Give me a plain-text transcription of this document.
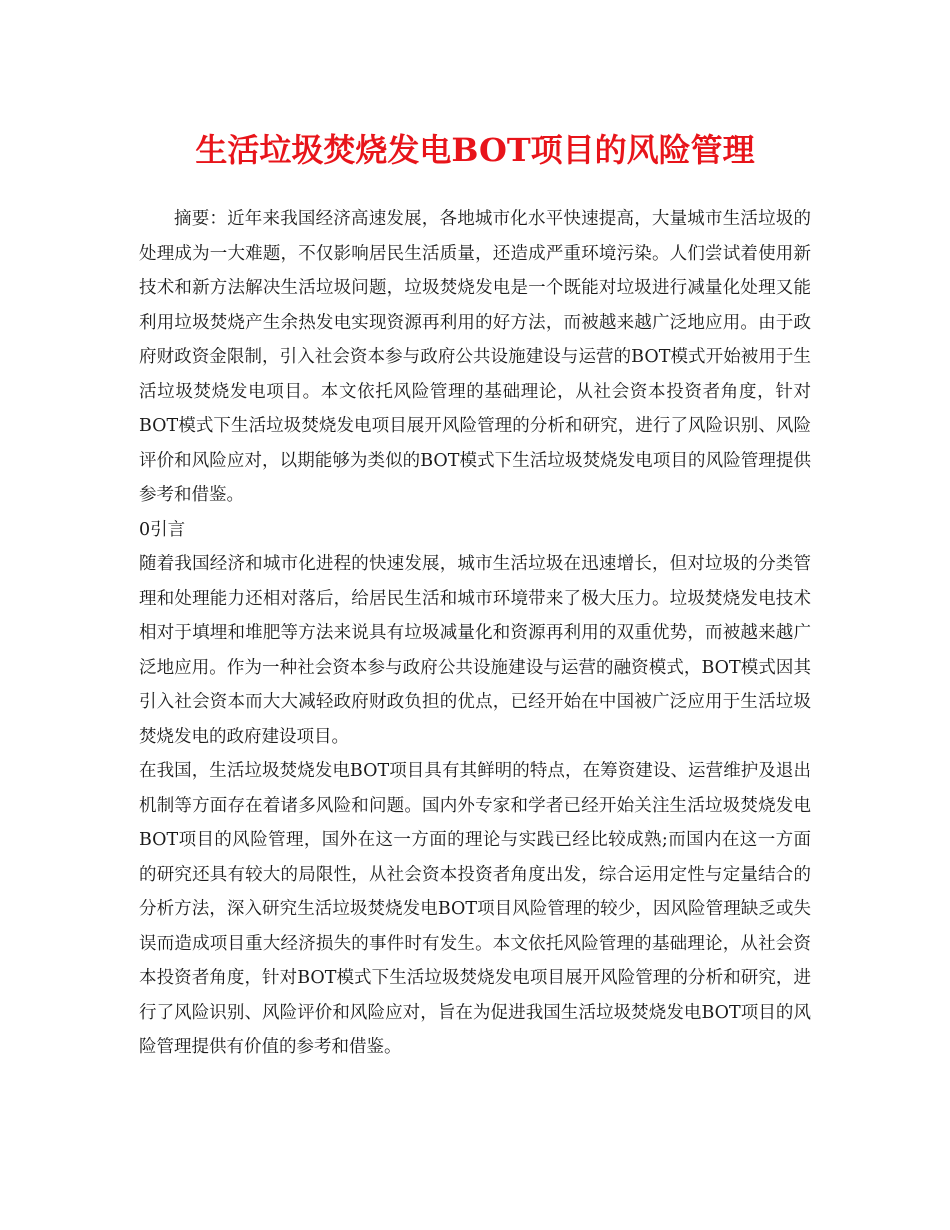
生活垃圾焚烧发电BOT项目的风险管理

摘要：近年来我国经济高速发展，各地城市化水平快速提高，大量城市生活垃圾的处理成为一大难题，不仅影响居民生活质量，还造成严重环境污染。人们尝试着使用新技术和新方法解决生活垃圾问题，垃圾焚烧发电是一个既能对垃圾进行减量化处理又能利用垃圾焚烧产生余热发电实现资源再利用的好方法，而被越来越广泛地应用。由于政府财政资金限制，引入社会资本参与政府公共设施建设与运营的BOT模式开始被用于生活垃圾焚烧发电项目。本文依托风险管理的基础理论，从社会资本投资者角度，针对BOT模式下生活垃圾焚烧发电项目展开风险管理的分析和研究，进行了风险识别、风险评价和风险应对，以期能够为类似的BOT模式下生活垃圾焚烧发电项目的风险管理提供参考和借鉴。

0引言

随着我国经济和城市化进程的快速发展，城市生活垃圾在迅速增长，但对垃圾的分类管理和处理能力还相对落后，给居民生活和城市环境带来了极大压力。垃圾焚烧发电技术相对于填埋和堆肥等方法来说具有垃圾减量化和资源再利用的双重优势，而被越来越广泛地应用。作为一种社会资本参与政府公共设施建设与运营的融资模式，BOT模式因其引入社会资本而大大减轻政府财政负担的优点，已经开始在中国被广泛应用于生活垃圾焚烧发电的政府建设项目。

在我国，生活垃圾焚烧发电BOT项目具有其鲜明的特点，在筹资建设、运营维护及退出机制等方面存在着诸多风险和问题。国内外专家和学者已经开始关注生活垃圾焚烧发电BOT项目的风险管理，国外在这一方面的理论与实践已经比较成熟;而国内在这一方面的研究还具有较大的局限性，从社会资本投资者角度出发，综合运用定性与定量结合的分析方法，深入研究生活垃圾焚烧发电BOT项目风险管理的较少，因风险管理缺乏或失误而造成项目重大经济损失的事件时有发生。本文依托风险管理的基础理论，从社会资本投资者角度，针对BOT模式下生活垃圾焚烧发电项目展开风险管理的分析和研究，进行了风险识别、风险评价和风险应对，旨在为促进我国生活垃圾焚烧发电BOT项目的风险管理提供有价值的参考和借鉴。
